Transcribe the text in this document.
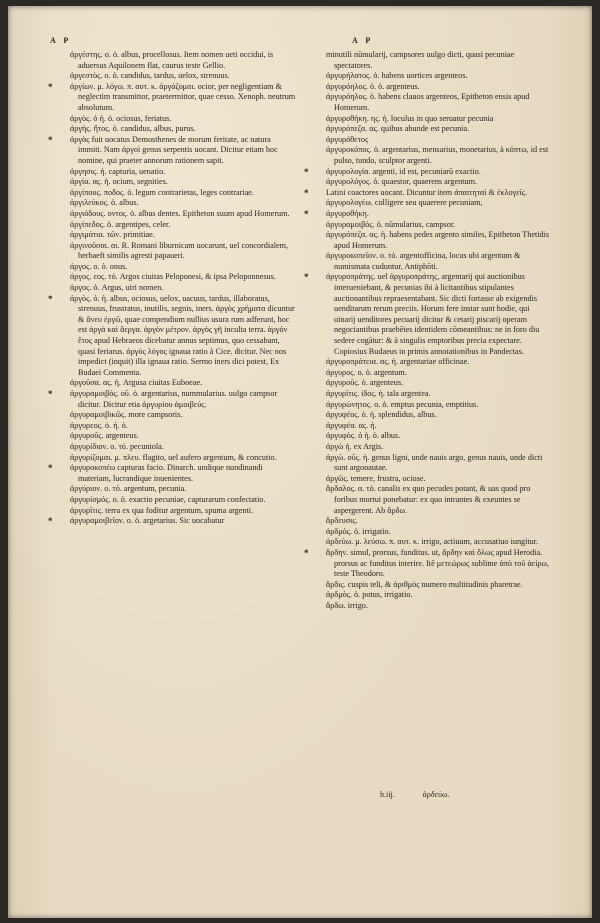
A P	A P

ἀργέστης. ο. ὁ. albus, procellosus. Item nomen ueti occidui, is aduersus Aquilonem flat, caurus teste Gellio.

ἀργεστὸς. ο. ὁ. candidus, tardus, uelox, strenuus.

*	ἀργίων. μ. λόγω. π. αυτ. κ. ἀργάζομαι. ocior, per negligentiam & neglectim transmittor, praetermittor, quae cesso. Xenoph. neutrum absolutum.

ἀργὸς. ὁ ἡ. ὀ. ociosus, feriatus.

ἀργὴς. ἥτος. ὁ. candidus, albus, purus.

*	ἀργὰς fuit uocatus Demosthenes de morum feritate, ac natura immiti. Nam ἀργοὶ genus serpentis uocant. Dicitur etiam hoc nomine, qui praeter annorum rationem sapit.

ἀργησις. ἡ. capturia, uenatio.

ἀργία. ας. ἡ. ocium, segnities.

ἀργίπους. ποδος. ὁ. legum contrarietas, leges contrariae.

ἀργιλεύκος. ὁ. albus.

ἀργιόδους. οντος. ὁ. albus dentes. Epitheton suum apud Homerum.

ἀργίπεδος. ὁ. argentipes, celer.

ἀργιμάτια. τῶν. primitiae.

ἀργινοῦσαι. αι. R. Romani liburnicam uocarunt, uel concordialem, herbaeft similis agresti papaueri.

ἀργος. ο. ὁ. onus.

ἀργος. εος. τό. Argos ciuitas Peloponesi, & ipsa Peloponnesus.

ἀργος. ὁ. Argus, uiri nomen.

*	ἀργὸς. ὁ. ἡ. albus, ociosus, uelox, uacuus, tardus, illaboratus, strenuus, frustratus, inutilis, segnis, iners. ἀργὸς χρήματα dicuntur & ἄνευ ἐργῶ, quae compendium nullius usura rum adferunt, hoc est ἀργὰ καὶ ἄεργα. ἀργὸν μέτρον. ἀργὸς γῆ inculta terra. ἀργὸν ἔτος apud Hebraeos dicebatur annus septimus, quo cessabant, quasi feriarus. ἀργὸς λόγος ignaua ratio à Cice. dicitur. Nec nos impedict (inquit) illa ignaua ratio. Sermo iners dici potest, Ex Budaei Commenta.

ἀργοῦσα. ας. ἡ. Argusa ciuitas Euboeae.

*	ἀργυραμοιβός. οῦ. ὁ. argentarius, nummularius. uulgo campsor dicitur. Dicitur etia ἀργυρίου ἀμοιβεύς.

ἀργυραμοιβικῶς. more campsoris.

ἀργυρεος. ὁ. ἡ. ὀ.

ἀργυροῦς. argenteus.

ἀργυρίδιον. ο. τό. pecuniola.

ἀργυρίζομαι. μ. πλευ. flagito, uel aufero argentum, & concutio.

*	ἀργυροκοπέω capturas facio. Dinarch. undique nundinandi materiam, lucrandique inuenientes.

ἀργύριον. ο. τό. argentum, pecunia.

ἀργυρίσμός. ο. ὁ. exactio pecuniae, capturarum confectatio.

ἀργυρῖτις. terra ex qua foditur argentum, spuma argenti.

*	ἀργυραμοιβεῖον. ο. ὁ. argetarius. Sic uocabatur

minutili nūmularij, campsores uulgo dicti, quasi pecuniae spectatores.

ἀργυρήλατος. ὁ. habens uortices argenteos.

ἀργυρόηλος. ὁ. ὀ. argenteus.

ἀργυρόηλος. ὁ. habens clauos argenteos, Epitheton ensis apud Homerum.

ἀργυροθήκη. ης. ἡ. loculus in quo seruatur pecunia

ἀργυρόπεζα. ας. quibus abunde est pecunia.

ἀργυρόθετος

ἀργυροκόπος. ὁ. argentarius, mensarius, monetarius, à κόπτω, id est pulso, tundo, sculptor argenti.

*	ἀργυρολογία. argenti, id est, pecuniarū exactio.

ἀργυρολόγος. ὁ. quaestor, quaerens argentum.

*	Latini coactores uocant. Dicuntur item ἀπαιτηταὶ & ἐκλογεῖς.

ἀργυρολογέω. colligere seu quaerere pecuniam,

*	ἀργυροθήκη.

ἀργυραμοιβός. ὁ. nūmularius, campsor.

ἀργυρόπεζα. ας. ἡ. habens pedes argento similes, Epitheton Thetidis apud Homerum.

ἀργυροκοπεῖον. ο. τό. argentofficina, locus ubi argentum & numismata cuduntur, Antiphōti.

*	ἀργυροπράτης. uel ἀργυροπράτης, argentarij qui auctionibus interueniebant, & pecunias ibi à licitantibus stipulantes auctionantibus repraesentabant. Sic dicti fortasse ab exigendis uenditarum rerum preciis. Horum fere instar sunt hodie, qui uinarij uenditores pecuarij dicitur & cetarij piscarij operam negociantibus praebētes identidem cōmeantibus: ne in foro diu sedere cogātur: & à singulis emptoribus precia expectare. Copiosius Budaeus in primis annotationibus in Pandectas.

ἀργυροπράτεια. ας. ἡ. argentariae officinae.

ἀργυρος. ο. ὁ. argentum.

ἀργυροῦς. ὁ. argenteus.

ἀργυρῖτις. ίδος. ἡ. tala argentea.

ἀργυρώνητος. ο. ὁ. emptus pecunia, emptitius.

ἀργυφέος. ὁ. ἡ. splendidus, albus.

ἀργυφέα. ας. ἡ.

ἀργυφὸς. ὁ ἡ. ὀ. albus.

ἀργὼ ἡ. ex Argis.

ἀργὼ. οῦς. ἡ. genus ligni, unde nauis argo, genus nauis, unde dicti sunt argonautae.

ἀργῶς. temere, frustra, ociose.

ἄρδαλος. α. τό. canalis ex quo pecudes potant, & uas quod pro foribus mortui ponebatur: ex quo intrantes & exeuntes se aspergerent. Ab ἄρδω.

ἄρδευσις.

ἀρδμὸς. ὁ. irrigatio.

ἀρδεύω. μ. λεύσω. π. αυτ. κ. irrigo, actiuum, accusatiuo iungitur.

*	ἄρδην. simul, prorsus, funditus. ut, ἄρδην καὶ ὅλως apud Herodia. prorsus ac funditus interire. Itē μετεώρως sublime ἀπὸ τοῦ ἀείρω, teste Theodoro.

ἄρδις. cuspis teli, & ἀριθμὸς numero multitudinis pharetrae.

ἀρδμὸς. ὁ. potus, irrigatio.

ἄρδω. irrigo.

h.iij.	ἀρδεύω.
